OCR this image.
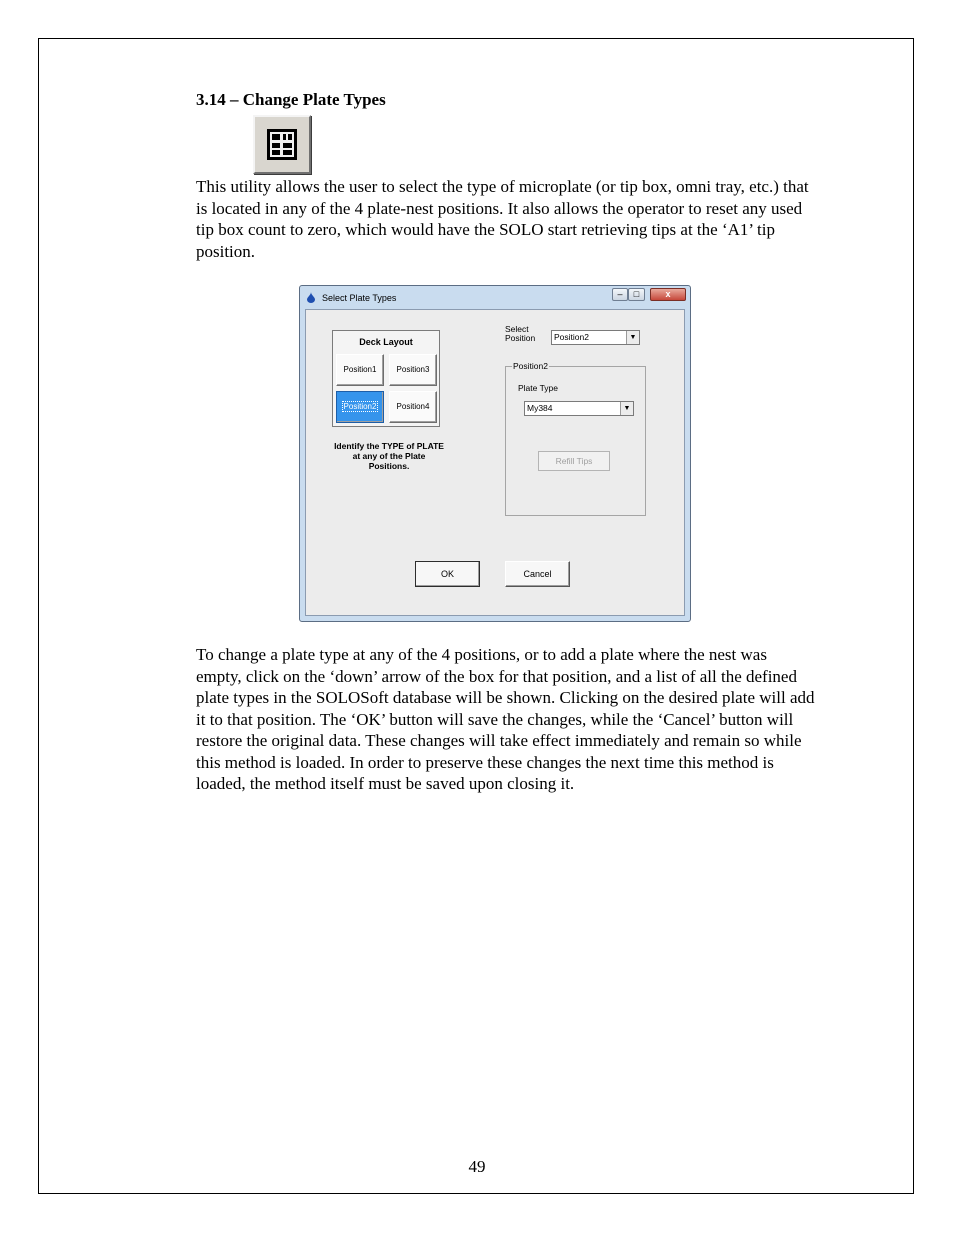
3.14 – Change Plate Types

This utility allows the user to select the type of microplate (or tip box, omni tray, etc.) that is located in any of the 4 plate-nest positions. It also allows the operator to reset any used tip box count to zero, which would have the SOLO start retrieving tips at the ‘A1’ tip position.

Select Plate Types	–	□	x
Deck Layout
Position1	Position3
Position2	Position4
Identify the TYPE of PLATE
at any of the Plate Positions.
Select
Position	Position2	▼
Position2
Plate Type
Refill Tips
My384	▼
OK	Cancel

To change a plate type at any of the 4 positions, or to add a plate where the nest was empty, click on the ‘down’ arrow of the box for that position, and a list of all the defined plate types in the SOLOSoft database will be shown. Clicking on the desired plate will add it to that position. The ‘OK’ button will save the changes, while the ‘Cancel’ button will restore the original data. These changes will take effect immediately and remain so while this method is loaded. In order to preserve these changes the next time this method is loaded, the method itself must be saved upon closing it.

49
